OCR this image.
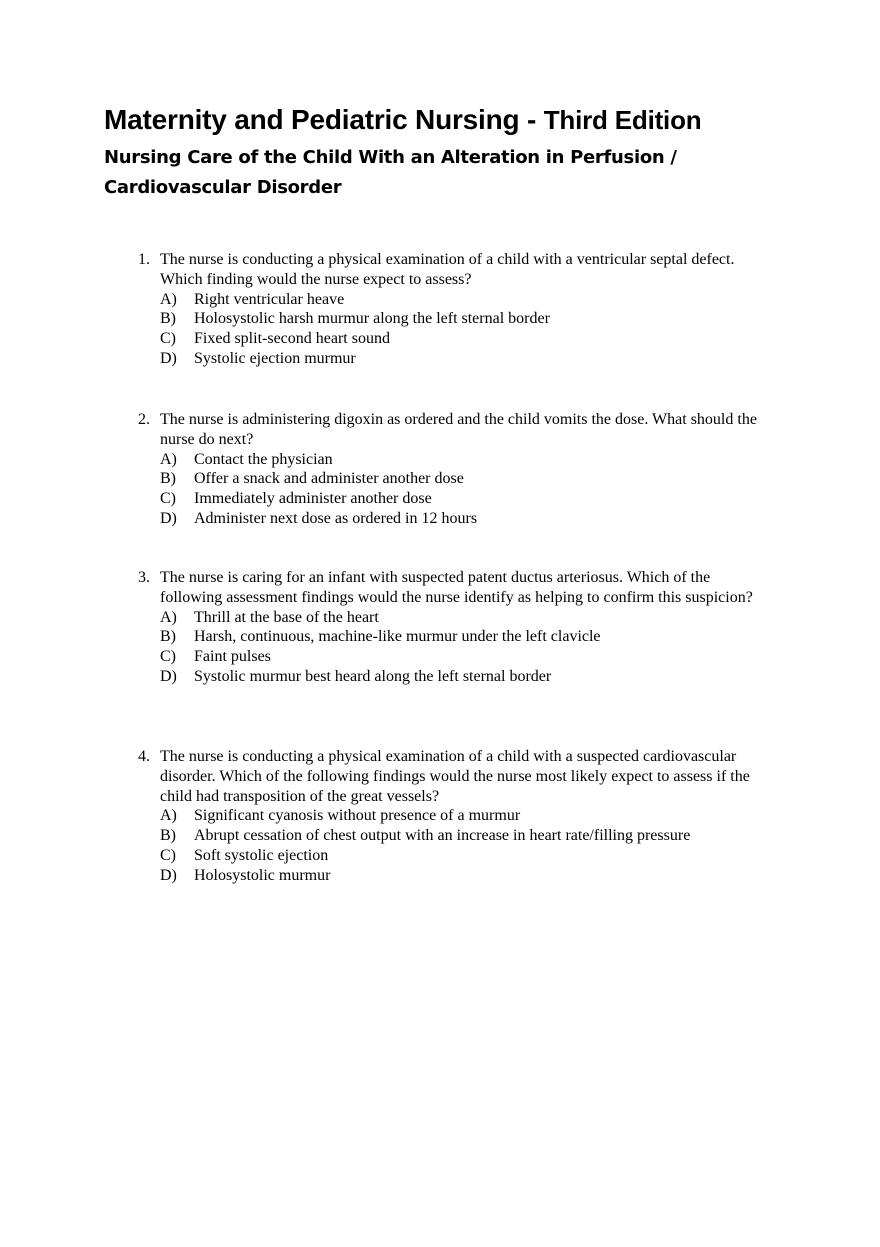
Maternity and Pediatric Nursing - Third Edition
Nursing Care of the Child With an Alteration in Perfusion /
Cardiovascular Disorder
1. The nurse is conducting a physical examination of a child with a ventricular septal defect. Which finding would the nurse expect to assess?
A)	Right ventricular heave
B)	Holosystolic harsh murmur along the left sternal border
C)	Fixed split-second heart sound
D)	Systolic ejection murmur
2. The nurse is administering digoxin as ordered and the child vomits the dose. What should the nurse do next?
A)	Contact the physician
B)	Offer a snack and administer another dose
C)	Immediately administer another dose
D)	Administer next dose as ordered in 12 hours
3. The nurse is caring for an infant with suspected patent ductus arteriosus. Which of the following assessment findings would the nurse identify as helping to confirm this suspicion?
A)	Thrill at the base of the heart
B)	Harsh, continuous, machine-like murmur under the left clavicle
C)	Faint pulses
D)	Systolic murmur best heard along the left sternal border
4. The nurse is conducting a physical examination of a child with a suspected cardiovascular disorder. Which of the following findings would the nurse most likely expect to assess if the child had transposition of the great vessels?
A)	Significant cyanosis without presence of a murmur
B)	Abrupt cessation of chest output with an increase in heart rate/filling pressure
C)	Soft systolic ejection
D)	Holosystolic murmur
